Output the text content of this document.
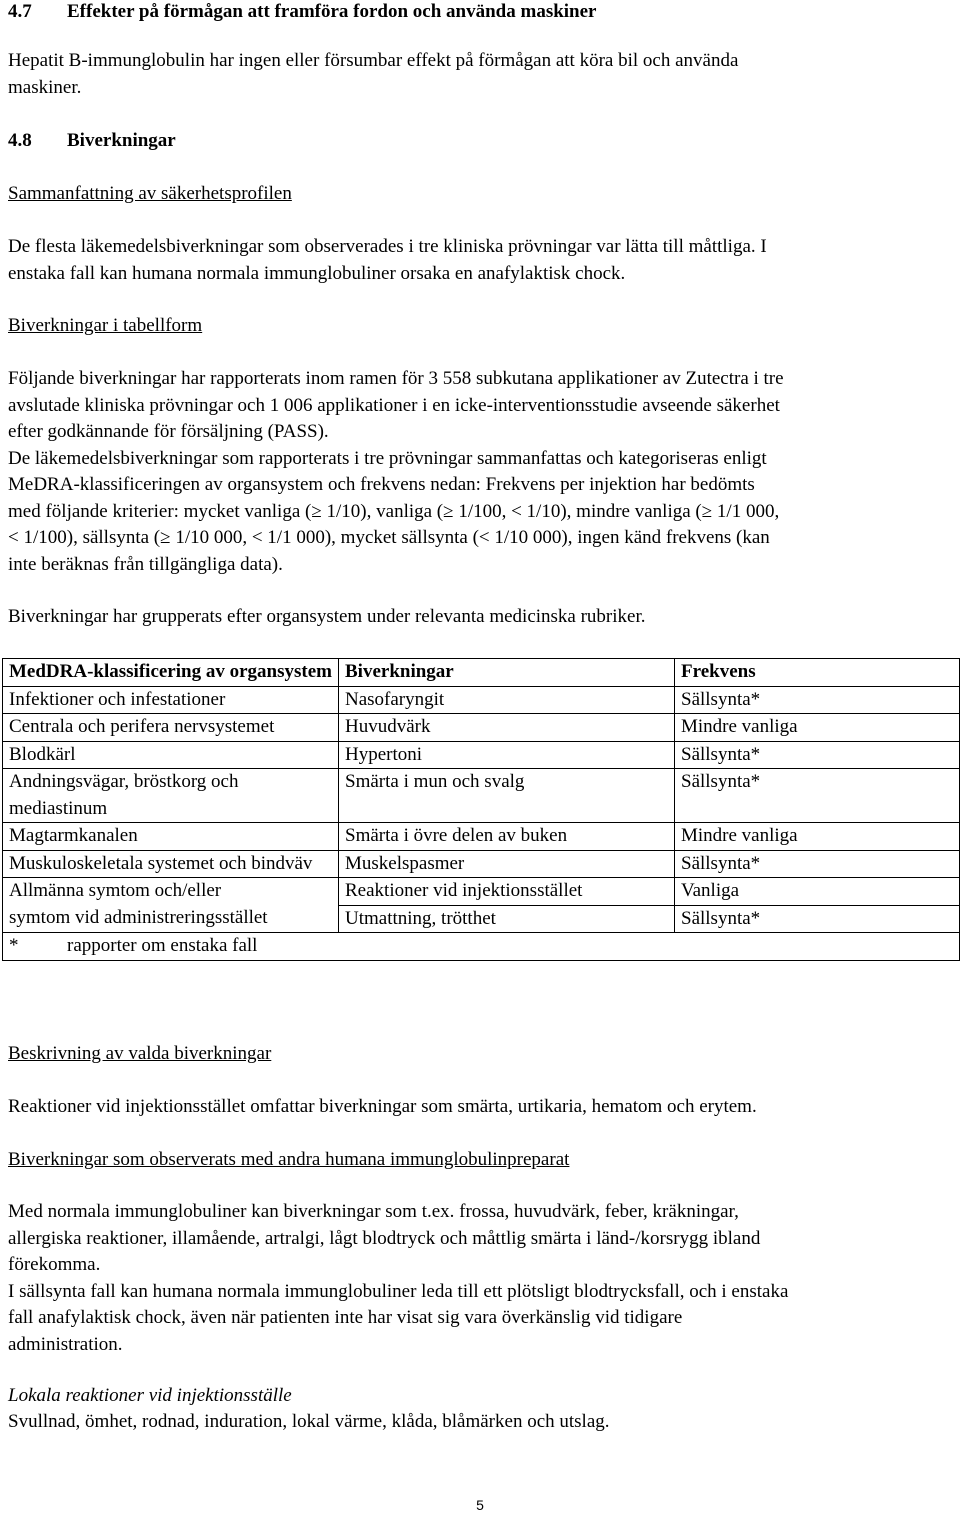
4.7 Effekter på förmågan att framföra fordon och använda maskiner
Hepatit B-immunglobulin har ingen eller försumbar effekt på förmågan att köra bil och använda
maskiner.
4.8 Biverkningar
Sammanfattning av säkerhetsprofilen
De flesta läkemedelsbiverkningar som observerades i tre kliniska prövningar var lätta till måttliga. I
enstaka fall kan humana normala immunglobuliner orsaka en anafylaktisk chock.
Biverkningar i tabellform
Följande biverkningar har rapporterats inom ramen för 3 558 subkutana applikationer av Zutectra i tre
avslutade kliniska prövningar och 1 006 applikationer i en icke-interventionsstudie avseende säkerhet
efter godkännande för försäljning (PASS).
De läkemedelsbiverkningar som rapporterats i tre prövningar sammanfattas och kategoriseras enligt
MeDRA-klassificeringen av organsystem och frekvens nedan: Frekvens per injektion har bedömts
med följande kriterier: mycket vanliga (≥ 1/10), vanliga (≥ 1/100, < 1/10), mindre vanliga (≥ 1/1 000,
< 1/100), sällsynta (≥ 1/10 000, < 1/1 000), mycket sällsynta (< 1/10 000), ingen känd frekvens (kan
inte beräknas från tillgängliga data).
Biverkningar har grupperats efter organsystem under relevanta medicinska rubriker.
MedDRA-klassificering av organsystem	Biverkningar	Frekvens
Infektioner och infestationer	Nasofaryngit	Sällsynta*
Centrala och perifera nervsystemet	Huvudvärk	Mindre vanliga
Blodkärl	Hypertoni	Sällsynta*
Andningsvägar, bröstkorg och mediastinum	Smärta i mun och svalg	Sällsynta*
Magtarmkanalen	Smärta i övre delen av buken	Mindre vanliga
Muskuloskeletala systemet och bindväv	Muskelspasmer	Sällsynta*

Allmänna symtom och/eller
symtom vid administreringsstället	Reaktioner vid injektionsstället	Vanliga
	Utmattning, trötthet	Sällsynta*
* rapporter om enstaka fall		
Beskrivning av valda biverkningar
Reaktioner vid injektionsstället omfattar biverkningar som smärta, urtikaria, hematom och erytem.
Biverkningar som observerats med andra humana immunglobulinpreparat
Med normala immunglobuliner kan biverkningar som t.ex. frossa, huvudvärk, feber, kräkningar,
allergiska reaktioner, illamående, artralgi, lågt blodtryck och måttlig smärta i länd-/korsrygg ibland
förekomma.
I sällsynta fall kan humana normala immunglobuliner leda till ett plötsligt blodtrycksfall, och i enstaka
fall anafylaktisk chock, även när patienten inte har visat sig vara överkänslig vid tidigare
administration.
Lokala reaktioner vid injektionsställe
Svullnad, ömhet, rodnad, induration, lokal värme, klåda, blåmärken och utslag.
5
